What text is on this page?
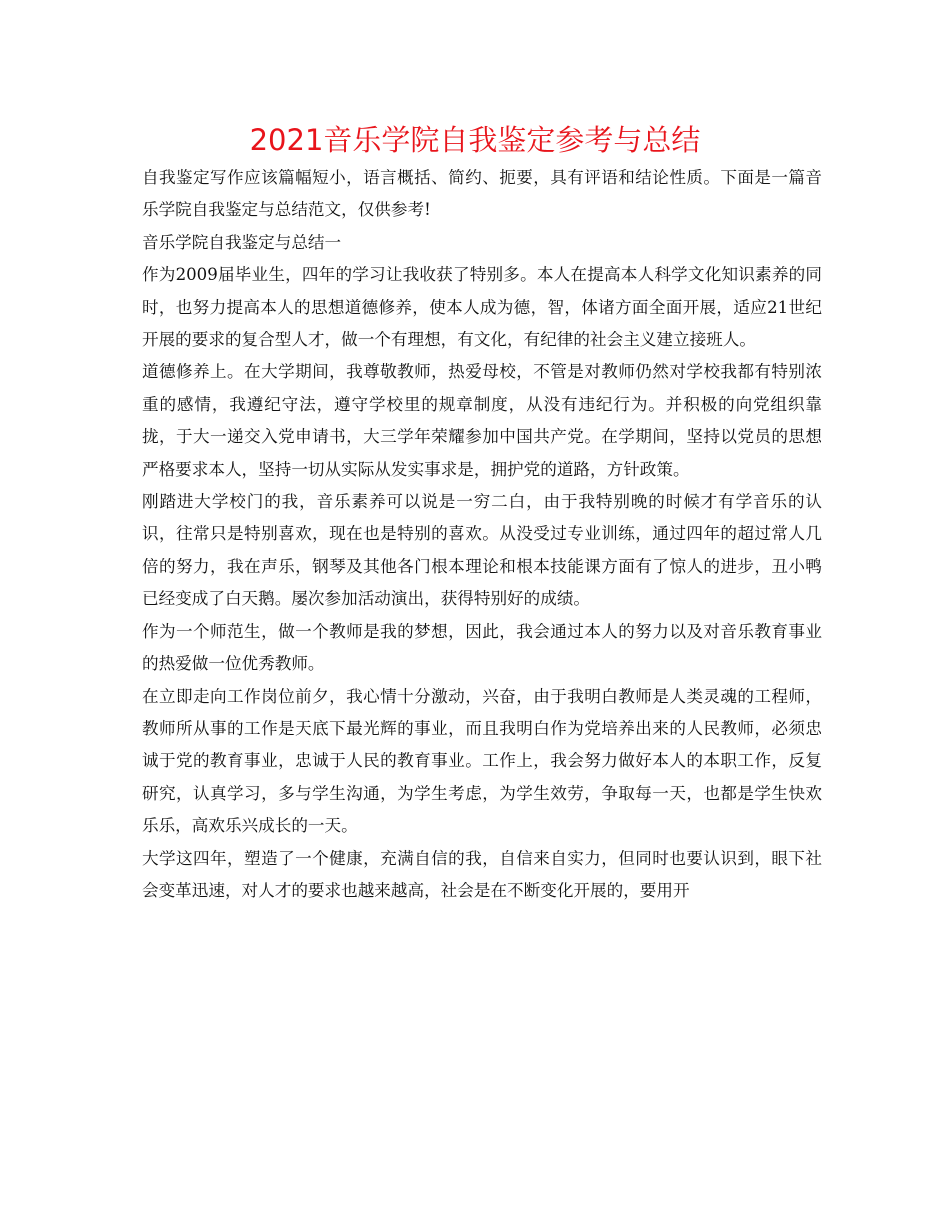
2021音乐学院自我鉴定参考与总结

自我鉴定写作应该篇幅短小，语言概括、简约、扼要，具有评语和结论性质。下面是一篇音乐学院自我鉴定与总结范文，仅供参考!

音乐学院自我鉴定与总结一

作为2009届毕业生，四年的学习让我收获了特别多。本人在提高本人科学文化知识素养的同时，也努力提高本人的思想道德修养，使本人成为德，智，体诸方面全面开展，适应21世纪开展的要求的复合型人才，做一个有理想，有文化，有纪律的社会主义建立接班人。

道德修养上。在大学期间，我尊敬教师，热爱母校，不管是对教师仍然对学校我都有特别浓重的感情，我遵纪守法，遵守学校里的规章制度，从没有违纪行为。并积极的向党组织靠拢，于大一递交入党申请书，大三学年荣耀参加中国共产党。在学期间，坚持以党员的思想严格要求本人，坚持一切从实际从发实事求是，拥护党的道路，方针政策。

刚踏进大学校门的我，音乐素养可以说是一穷二白，由于我特别晚的时候才有学音乐的认识，往常只是特别喜欢，现在也是特别的喜欢。从没受过专业训练，通过四年的超过常人几倍的努力，我在声乐，钢琴及其他各门根本理论和根本技能课方面有了惊人的进步，丑小鸭已经变成了白天鹅。屡次参加活动演出，获得特别好的成绩。

作为一个师范生，做一个教师是我的梦想，因此，我会通过本人的努力以及对音乐教育事业的热爱做一位优秀教师。

在立即走向工作岗位前夕，我心情十分激动，兴奋，由于我明白教师是人类灵魂的工程师，教师所从事的工作是天底下最光辉的事业，而且我明白作为党培养出来的人民教师，必须忠诚于党的教育事业，忠诚于人民的教育事业。工作上，我会努力做好本人的本职工作，反复研究，认真学习，多与学生沟通，为学生考虑，为学生效劳，争取每一天，也都是学生快欢乐乐，高欢乐兴成长的一天。

大学这四年，塑造了一个健康，充满自信的我，自信来自实力，但同时也要认识到，眼下社会变革迅速，对人才的要求也越来越高，社会是在不断变化开展的，要用开
